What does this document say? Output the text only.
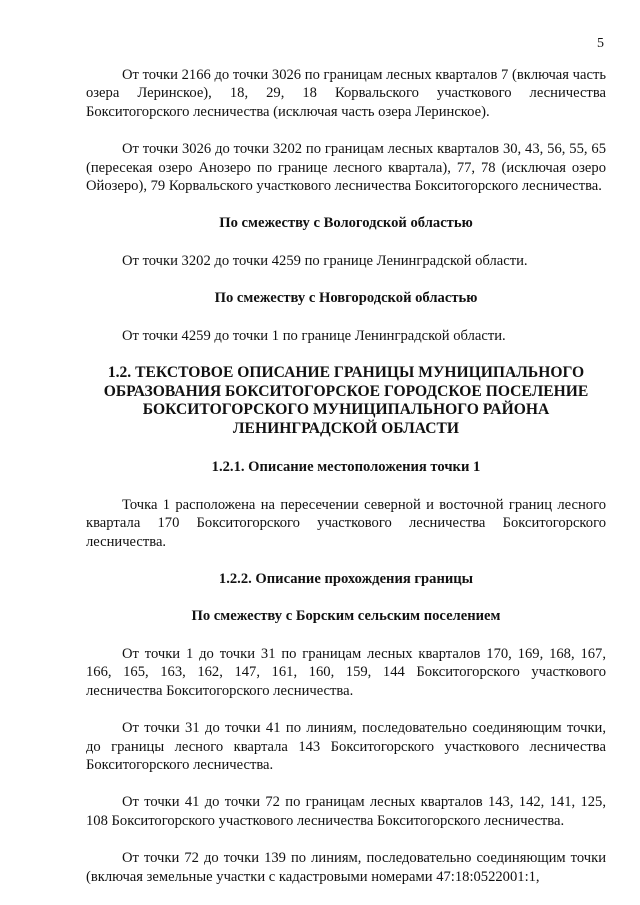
5

От точки 2166 до точки 3026 по границам лесных кварталов 7 (включая часть озера Леринское), 18, 29, 18 Корвальского участкового лесничества Бокситогорского лесничества (исключая часть озера Леринское).

От точки 3026 до точки 3202 по границам лесных кварталов 30, 43, 56, 55, 65 (пересекая озеро Анозеро по границе лесного квартала), 77, 78 (исключая озеро Ойозеро), 79 Корвальского участкового лесничества Бокситогорского лесничества.

По смежеству с Вологодской областью

От точки 3202 до точки 4259 по границе Ленинградской области.

По смежеству с Новгородской областью

От точки 4259 до точки 1 по границе Ленинградской области.

1.2. ТЕКСТОВОЕ ОПИСАНИЕ ГРАНИЦЫ МУНИЦИПАЛЬНОГО ОБРАЗОВАНИЯ БОКСИТОГОРСКОЕ ГОРОДСКОЕ ПОСЕЛЕНИЕ БОКСИТОГОРСКОГО МУНИЦИПАЛЬНОГО РАЙОНА ЛЕНИНГРАДСКОЙ ОБЛАСТИ
1.2.1. Описание местоположения точки 1

Точка 1 расположена на пересечении северной и восточной границ лесного квартала 170 Бокситогорского участкового лесничества Бокситогорского лесничества.

1.2.2. Описание прохождения границы
По смежеству с Борским сельским поселением

От точки 1 до точки 31 по границам лесных кварталов 170, 169, 168, 167, 166, 165, 163, 162, 147, 161, 160, 159, 144 Бокситогорского участкового лесничества Бокситогорского лесничества.

От точки 31 до точки 41 по линиям, последовательно соединяющим точки, до границы лесного квартала 143 Бокситогорского участкового лесничества Бокситогорского лесничества.

От точки 41 до точки 72 по границам лесных кварталов 143, 142, 141, 125, 108 Бокситогорского участкового лесничества Бокситогорского лесничества.

От точки 72 до точки 139 по линиям, последовательно соединяющим точки (включая земельные участки с кадастровыми номерами 47:18:0522001:1,
